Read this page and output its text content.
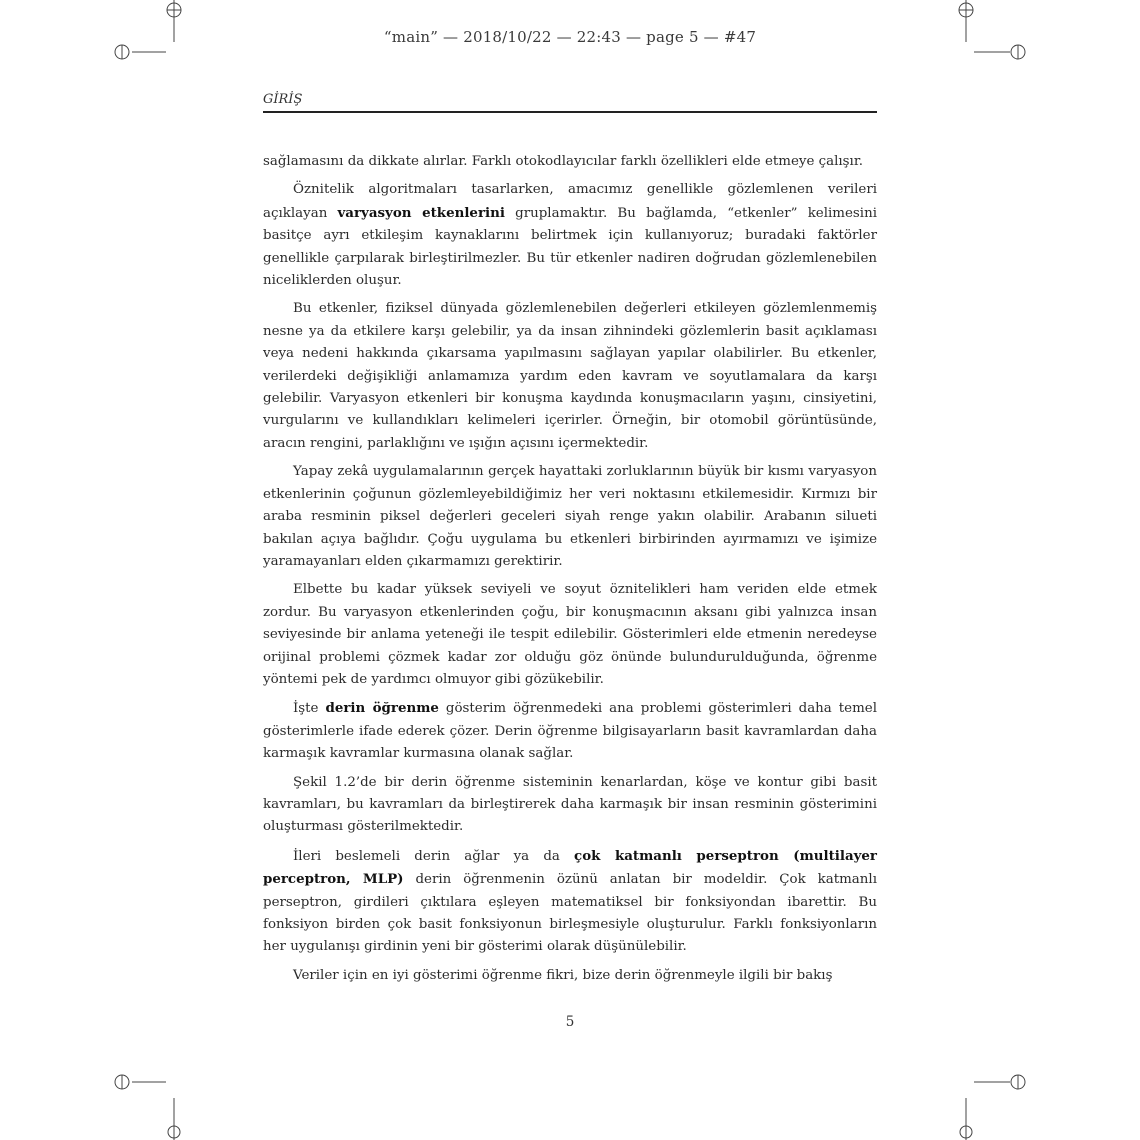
“main” — 2018/10/22 — 22:43 — page 5 — #47
GİRİŞ

sağlamasını da dikkate alırlar. Farklı otokodlayıcılar farklı özellikleri elde etmeye çalışır.

Öznitelik algoritmaları tasarlarken, amacımız genellikle gözlemlenen verileri açıklayan varyasyon etkenlerini gruplamaktır. Bu bağlamda, “etkenler” kelimesini basitçe ayrı etkileşim kaynaklarını belirtmek için kullanıyoruz; buradaki faktörler genellikle çarpılarak birleştirilmezler. Bu tür etkenler nadiren doğrudan gözlemlenebilen niceliklerden oluşur.

Bu etkenler, fiziksel dünyada gözlemlenebilen değerleri etkileyen gözlemlenmemiş nesne ya da etkilere karşı gelebilir, ya da insan zihnindeki gözlemlerin basit açıklaması veya nedeni hakkında çıkarsama yapılmasını sağlayan yapılar olabilirler. Bu etkenler, verilerdeki değişikliği anlamamıza yardım eden kavram ve soyutlamalara da karşı gelebilir. Varyasyon etkenleri bir konuşma kaydında konuşmacıların yaşını, cinsiyetini, vurgularını ve kullandıkları kelimeleri içerirler. Örneğin, bir otomobil görüntüsünde, aracın rengini, parlaklığını ve ışığın açısını içermektedir.

Yapay zekâ uygulamalarının gerçek hayattaki zorluklarının büyük bir kısmı varyasyon etkenlerinin çoğunun gözlemleyebildiğimiz her veri noktasını etkilemesidir. Kırmızı bir araba resminin piksel değerleri geceleri siyah renge yakın olabilir. Arabanın silueti bakılan açıya bağlıdır. Çoğu uygulama bu etkenleri birbirinden ayırmamızı ve işimize yaramayanları elden çıkarmamızı gerektirir.

Elbette bu kadar yüksek seviyeli ve soyut öznitelikleri ham veriden elde etmek zordur. Bu varyasyon etkenlerinden çoğu, bir konuşmacının aksanı gibi yalnızca insan seviyesinde bir anlama yeteneği ile tespit edilebilir. Gösterimleri elde etmenin neredeyse orijinal problemi çözmek kadar zor olduğu göz önünde bulundurulduğunda, öğrenme yöntemi pek de yardımcı olmuyor gibi gözükebilir.

İşte derin öğrenme gösterim öğrenmedeki ana problemi gösterimleri daha temel gösterimlerle ifade ederek çözer. Derin öğrenme bilgisayarların basit kavramlardan daha karmaşık kavramlar kurmasına olanak sağlar.

Şekil 1.2’de bir derin öğrenme sisteminin kenarlardan, köşe ve kontur gibi basit kavramları, bu kavramları da birleştirerek daha karmaşık bir insan resminin gösterimini oluşturması gösterilmektedir.

İleri beslemeli derin ağlar ya da çok katmanlı perseptron (multilayer perceptron, MLP) derin öğrenmenin özünü anlatan bir modeldir. Çok katmanlı perseptron, girdileri çıktılara eşleyen matematiksel bir fonksiyondan ibarettir. Bu fonksiyon birden çok basit fonksiyonun birleşmesiyle oluşturulur. Farklı fonksiyonların her uygulanışı girdinin yeni bir gösterimi olarak düşünülebilir.

Veriler için en iyi gösterimi öğrenme fikri, bize derin öğrenmeyle ilgili bir bakış

5
